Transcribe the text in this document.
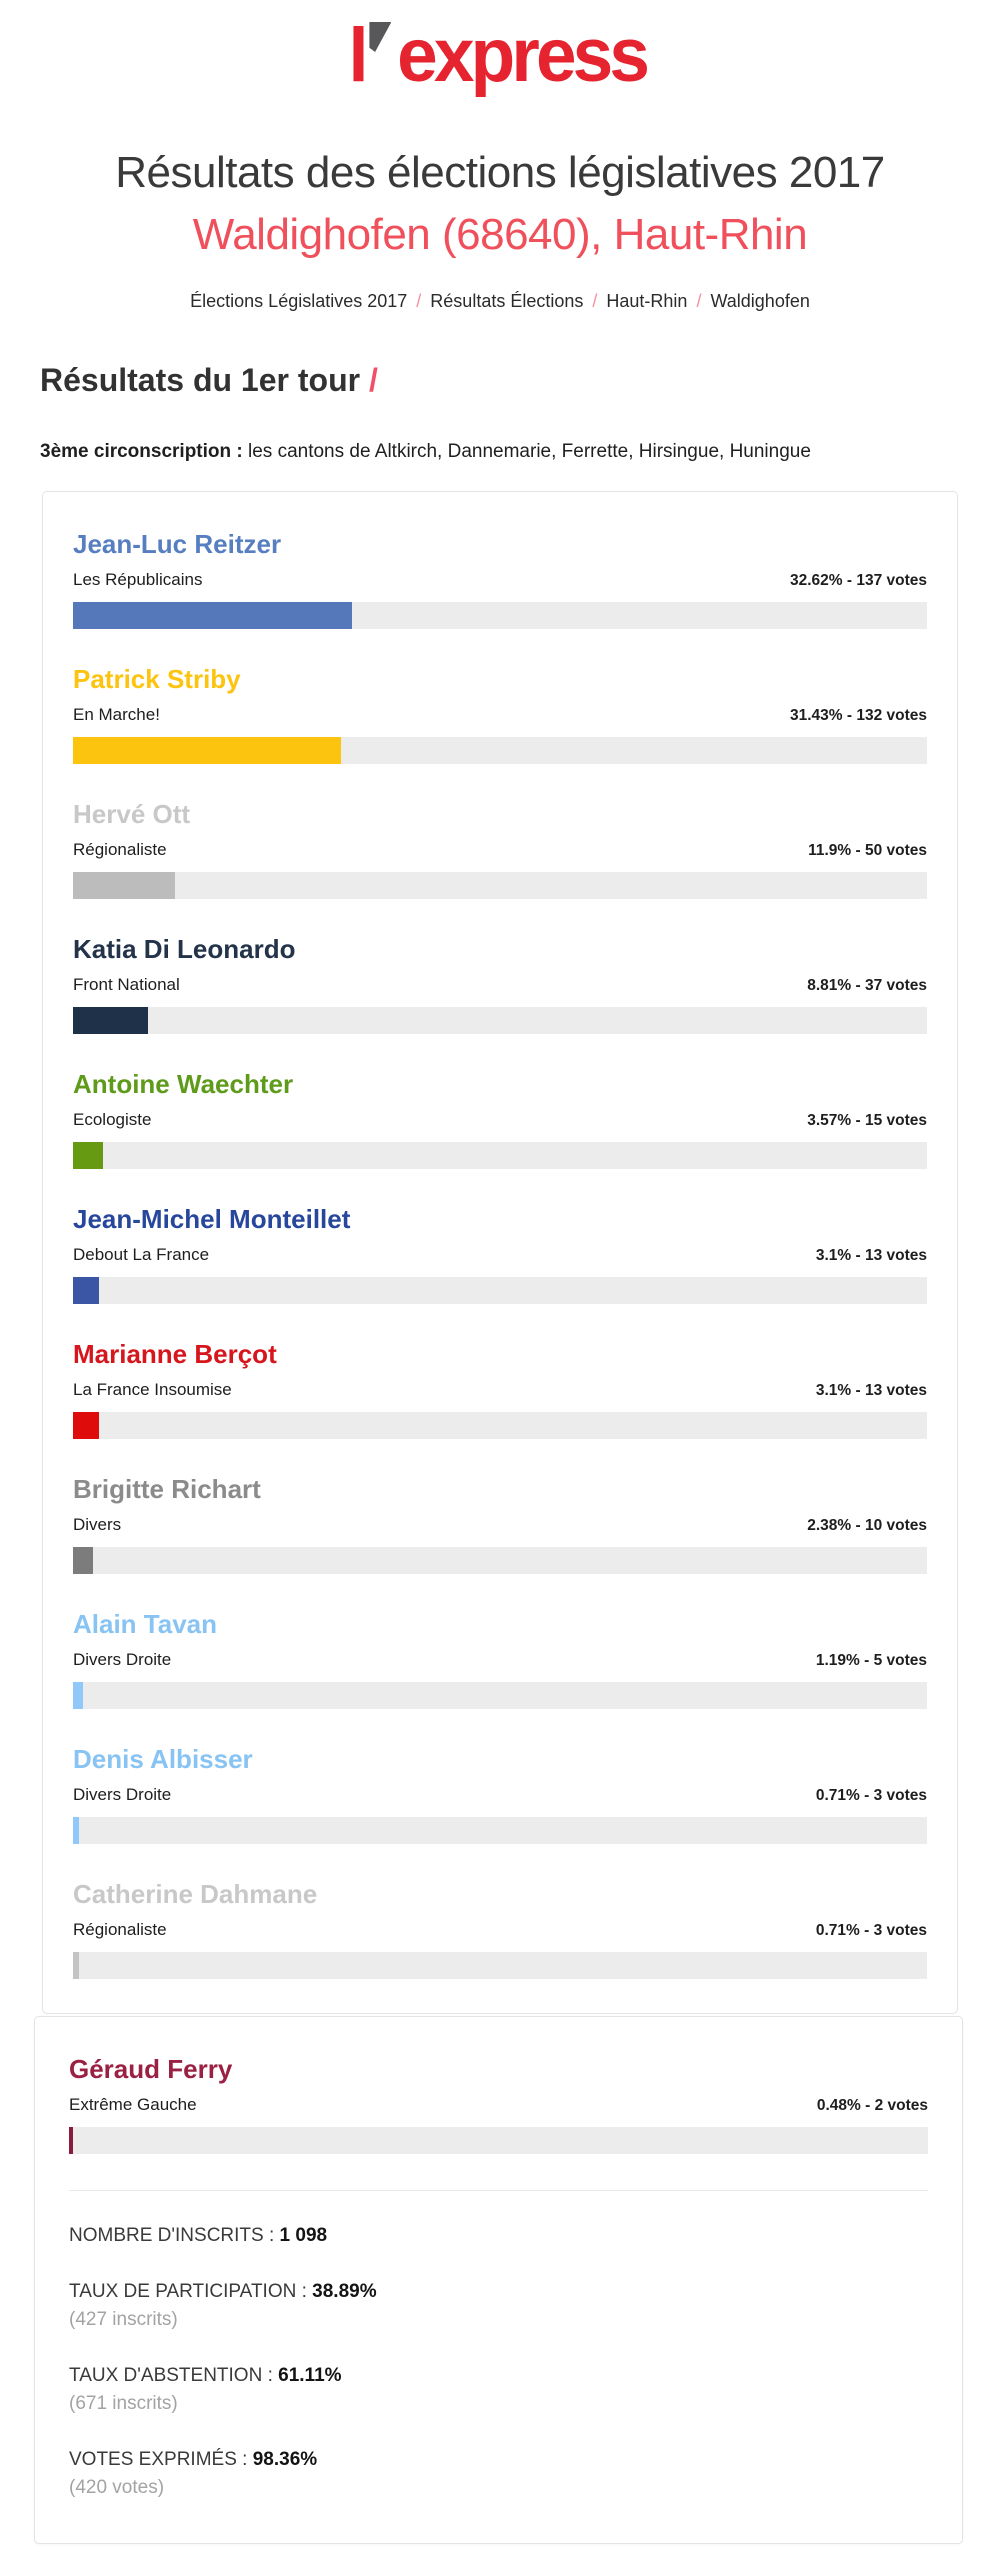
l express
Résultats des élections législatives 2017
Waldighofen (68640), Haut-Rhin
Élections Législatives 2017 / Résultats Élections / Haut-Rhin / Waldighofen
Résultats du 1er tour /

3ème circonscription : les cantons de Altkirch, Dannemarie, Ferrette, Hirsingue, Huningue

Jean-Luc Reitzer
Les Républicains	32.62% - 137 votes
Patrick Striby
En Marche!	31.43% - 132 votes
Hervé Ott
Régionaliste	11.9% - 50 votes
Katia Di Leonardo
Front National	8.81% - 37 votes
Antoine Waechter
Ecologiste	3.57% - 15 votes
Jean-Michel Monteillet
Debout La France	3.1% - 13 votes
Marianne Berçot
La France Insoumise	3.1% - 13 votes
Brigitte Richart
Divers	2.38% - 10 votes
Alain Tavan
Divers Droite	1.19% - 5 votes
Denis Albisser
Divers Droite	0.71% - 3 votes
Catherine Dahmane
Régionaliste	0.71% - 3 votes
Géraud Ferry
Extrême Gauche	0.48% - 2 votes
NOMBRE D'INSCRITS : 1 098
TAUX DE PARTICIPATION : 38.89%
(427 inscrits)
TAUX D'ABSTENTION : 61.11%
(671 inscrits)
VOTES EXPRIMÉS : 98.36%
(420 votes)
